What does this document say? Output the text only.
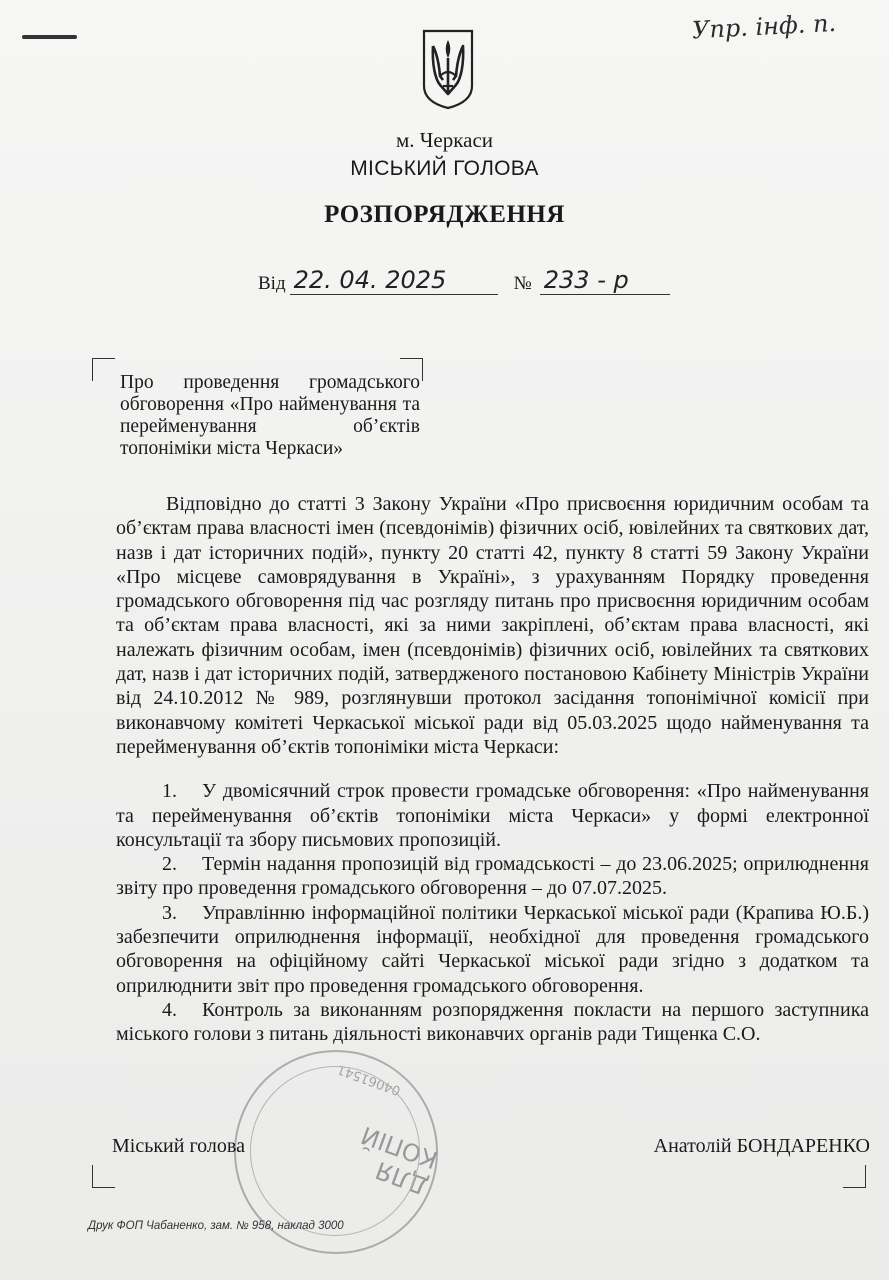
Упр. інф. п.
м. Черкаси
МІСЬКИЙ ГОЛОВА
РОЗПОРЯДЖЕННЯ
Від 22. 04. 2025	№ 233 - р
Про проведення громадського обговорення «Про найменування та перейменування об’єктів топоніміки міста Черкаси»

Відповідно до статті 3 Закону України «Про присвоєння юридичним особам та об’єктам права власності імен (псевдонімів) фізичних осіб, ювілейних та святкових дат, назв і дат історичних подій», пункту 20 статті 42, пункту 8 статті 59 Закону України «Про місцеве самоврядування в Україні», з урахуванням Порядку проведення громадського обговорення під час розгляду питань про присвоєння юридичним особам та об’єктам права власності, які за ними закріплені, об’єктам права власності, які належать фізичним особам, імен (псевдонімів) фізичних осіб, ювілейних та святкових дат, назв і дат історичних подій, затвердженого постановою Кабінету Міністрів України від 24.10.2012 № 989, розглянувши протокол засідання топонімічної комісії при виконавчому комітеті Черкаської міської ради від 05.03.2025 щодо найменування та перейменування об’єктів топоніміки міста Черкаси:

1. У двомісячний строк провести громадське обговорення: «Про найменування та перейменування об’єктів топоніміки міста Черкаси» у формі електронної консультації та збору письмових пропозицій.

2. Термін надання пропозицій від громадськості – до 23.06.2025; оприлюднення звіту про проведення громадського обговорення – до 07.07.2025.

3. Управлінню інформаційної політики Черкаської міської ради (Крапива Ю.Б.) забезпечити оприлюднення інформації, необхідної для проведення громадського обговорення на офіційному сайті Черкаської міської ради згідно з додатком та оприлюднити звіт про проведення громадського обговорення.

4. Контроль за виконанням розпорядження покласти на першого заступника міського голови з питань діяльності виконавчих органів ради Тищенка С.О.

04061541
ДЛЯ КОПІЙ
Міський голова	Анатолій БОНДАРЕНКО
Друк ФОП Чабаненко, зам. № 958, наклад 3000
